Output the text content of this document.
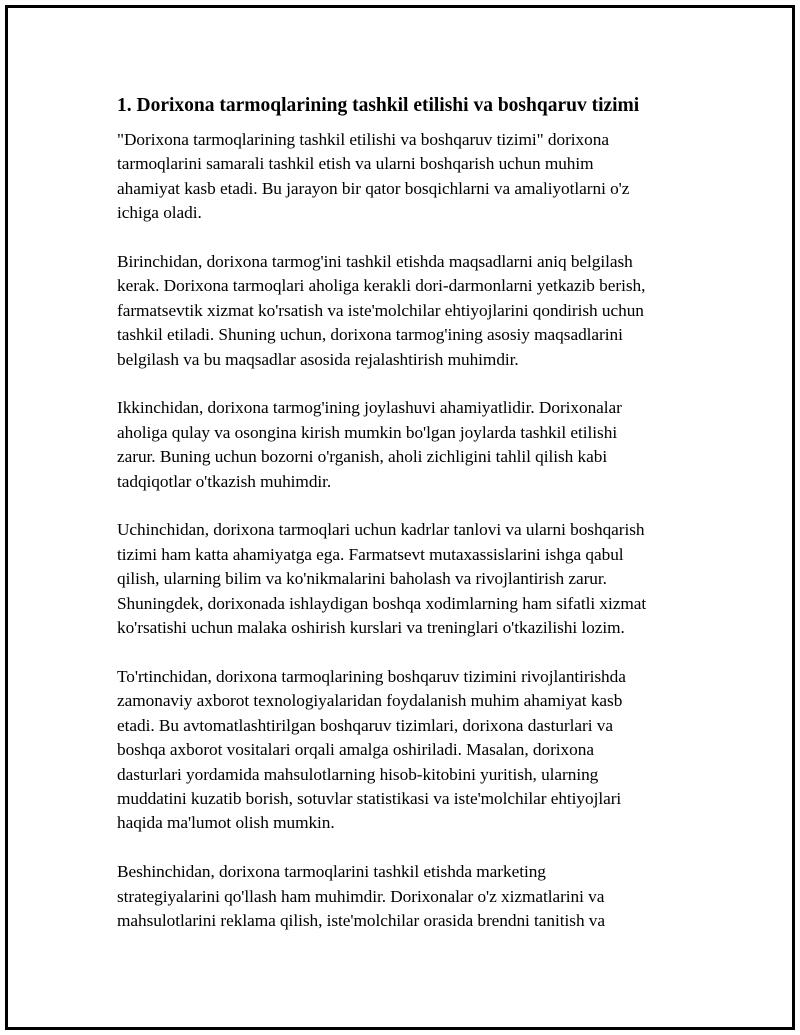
1. Dorixona tarmoqlarining tashkil etilishi va boshqaruv tizimi
"Dorixona tarmoqlarining tashkil etilishi va boshqaruv tizimi" dorixona
tarmoqlarini samarali tashkil etish va ularni boshqarish uchun muhim
ahamiyat kasb etadi. Bu jarayon bir qator bosqichlarni va amaliyotlarni o'z
ichiga oladi.
Birinchidan, dorixona tarmog'ini tashkil etishda maqsadlarni aniq belgilash
kerak. Dorixona tarmoqlari aholiga kerakli dori-darmonlarni yetkazib berish,
farmatsevtik xizmat ko'rsatish va iste'molchilar ehtiyojlarini qondirish uchun
tashkil etiladi. Shuning uchun, dorixona tarmog'ining asosiy maqsadlarini
belgilash va bu maqsadlar asosida rejalashtirish muhimdir.
Ikkinchidan, dorixona tarmog'ining joylashuvi ahamiyatlidir. Dorixonalar
aholiga qulay va osongina kirish mumkin bo'lgan joylarda tashkil etilishi
zarur. Buning uchun bozorni o'rganish, aholi zichligini tahlil qilish kabi
tadqiqotlar o'tkazish muhimdir.
Uchinchidan, dorixona tarmoqlari uchun kadrlar tanlovi va ularni boshqarish
tizimi ham katta ahamiyatga ega. Farmatsevt mutaxassislarini ishga qabul
qilish, ularning bilim va ko'nikmalarini baholash va rivojlantirish zarur.
Shuningdek, dorixonada ishlaydigan boshqa xodimlarning ham sifatli xizmat
ko'rsatishi uchun malaka oshirish kurslari va treninglari o'tkazilishi lozim.
To'rtinchidan, dorixona tarmoqlarining boshqaruv tizimini rivojlantirishda
zamonaviy axborot texnologiyalaridan foydalanish muhim ahamiyat kasb
etadi. Bu avtomatlashtirilgan boshqaruv tizimlari, dorixona dasturlari va
boshqa axborot vositalari orqali amalga oshiriladi. Masalan, dorixona
dasturlari yordamida mahsulotlarning hisob-kitobini yuritish, ularning
muddatini kuzatib borish, sotuvlar statistikasi va iste'molchilar ehtiyojlari
haqida ma'lumot olish mumkin.
Beshinchidan, dorixona tarmoqlarini tashkil etishda marketing
strategiyalarini qo'llash ham muhimdir. Dorixonalar o'z xizmatlarini va
mahsulotlarini reklama qilish, iste'molchilar orasida brendni tanitish va
